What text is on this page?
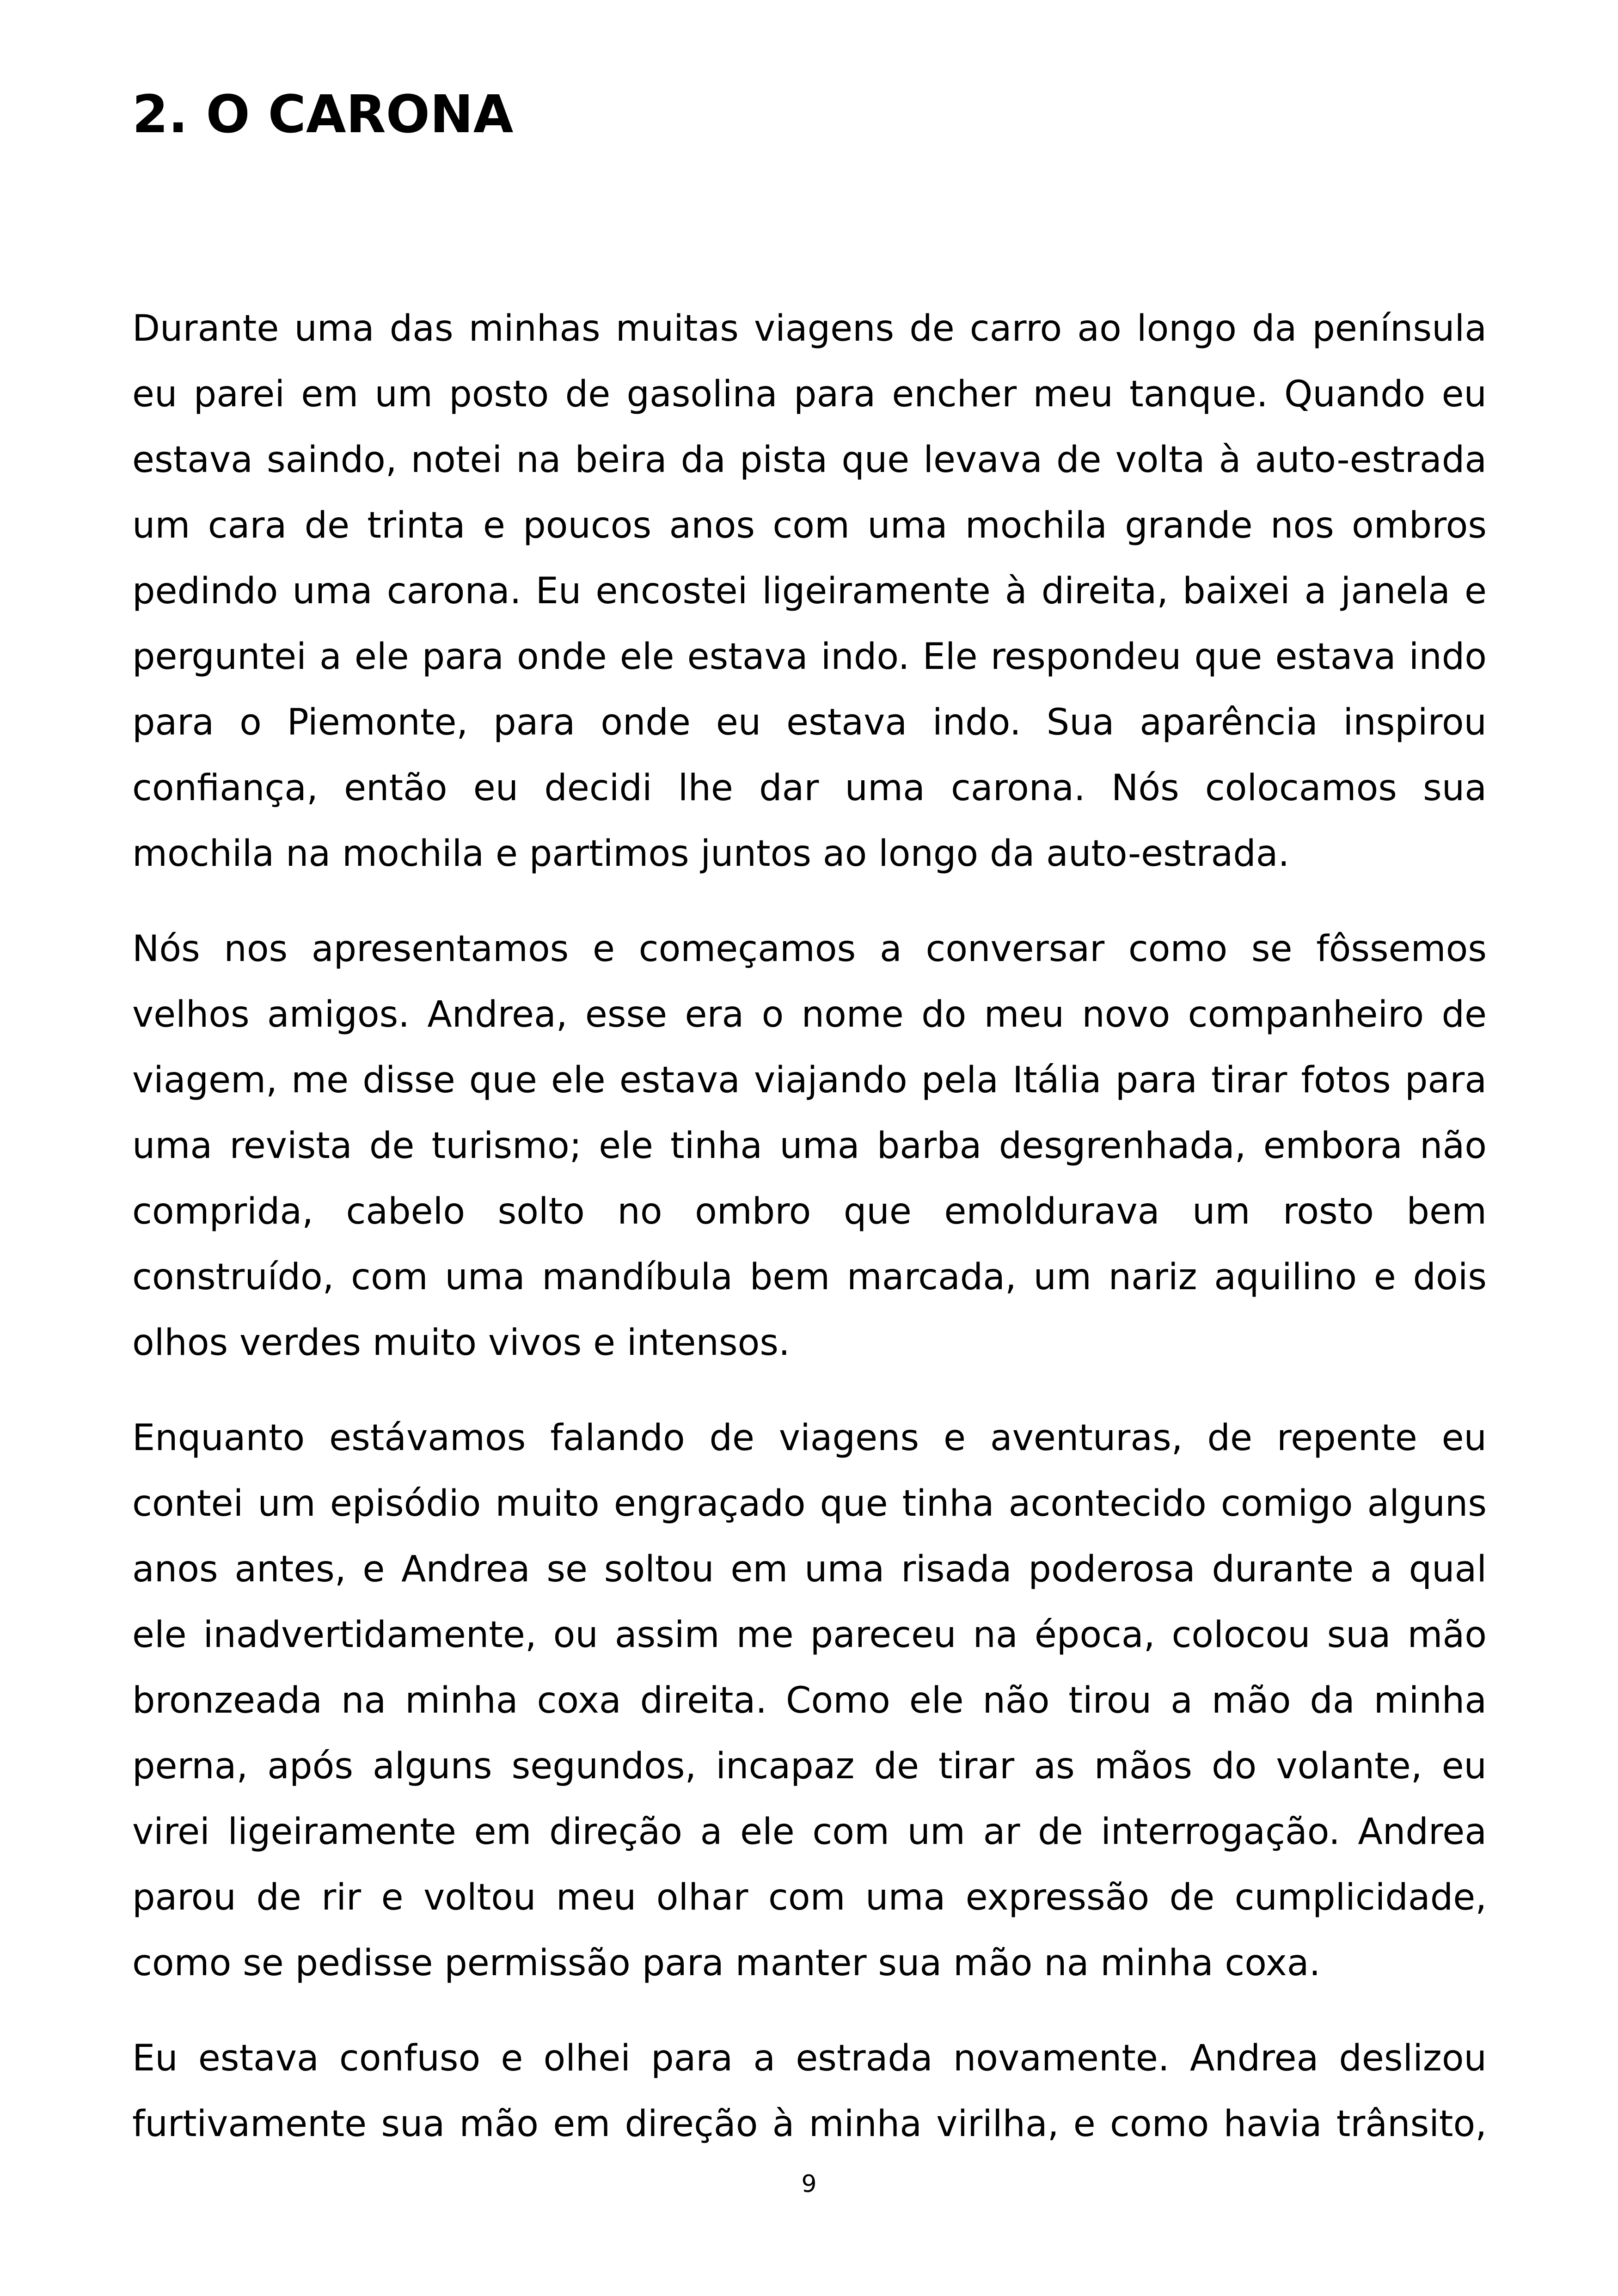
2. O CARONA

Durante uma das minhas muitas viagens de carro ao longo da península
eu parei em um posto de gasolina para encher meu tanque. Quando eu
estava saindo, notei na beira da pista que levava de volta à auto-estrada
um cara de trinta e poucos anos com uma mochila grande nos ombros
pedindo uma carona. Eu encostei ligeiramente à direita, baixei a janela e
perguntei a ele para onde ele estava indo. Ele respondeu que estava indo
para o Piemonte, para onde eu estava indo. Sua aparência inspirou
confiança, então eu decidi lhe dar uma carona. Nós colocamos sua
mochila na mochila e partimos juntos ao longo da auto-estrada.

Nós nos apresentamos e começamos a conversar como se fôssemos
velhos amigos. Andrea, esse era o nome do meu novo companheiro de
viagem, me disse que ele estava viajando pela Itália para tirar fotos para
uma revista de turismo; ele tinha uma barba desgrenhada, embora não
comprida, cabelo solto no ombro que emoldurava um rosto bem
construído, com uma mandíbula bem marcada, um nariz aquilino e dois
olhos verdes muito vivos e intensos.

Enquanto estávamos falando de viagens e aventuras, de repente eu
contei um episódio muito engraçado que tinha acontecido comigo alguns
anos antes, e Andrea se soltou em uma risada poderosa durante a qual
ele inadvertidamente, ou assim me pareceu na época, colocou sua mão
bronzeada na minha coxa direita. Como ele não tirou a mão da minha
perna, após alguns segundos, incapaz de tirar as mãos do volante, eu
virei ligeiramente em direção a ele com um ar de interrogação. Andrea
parou de rir e voltou meu olhar com uma expressão de cumplicidade,
como se pedisse permissão para manter sua mão na minha coxa.

Eu estava confuso e olhei para a estrada novamente. Andrea deslizou
furtivamente sua mão em direção à minha virilha, e como havia trânsito,

9
